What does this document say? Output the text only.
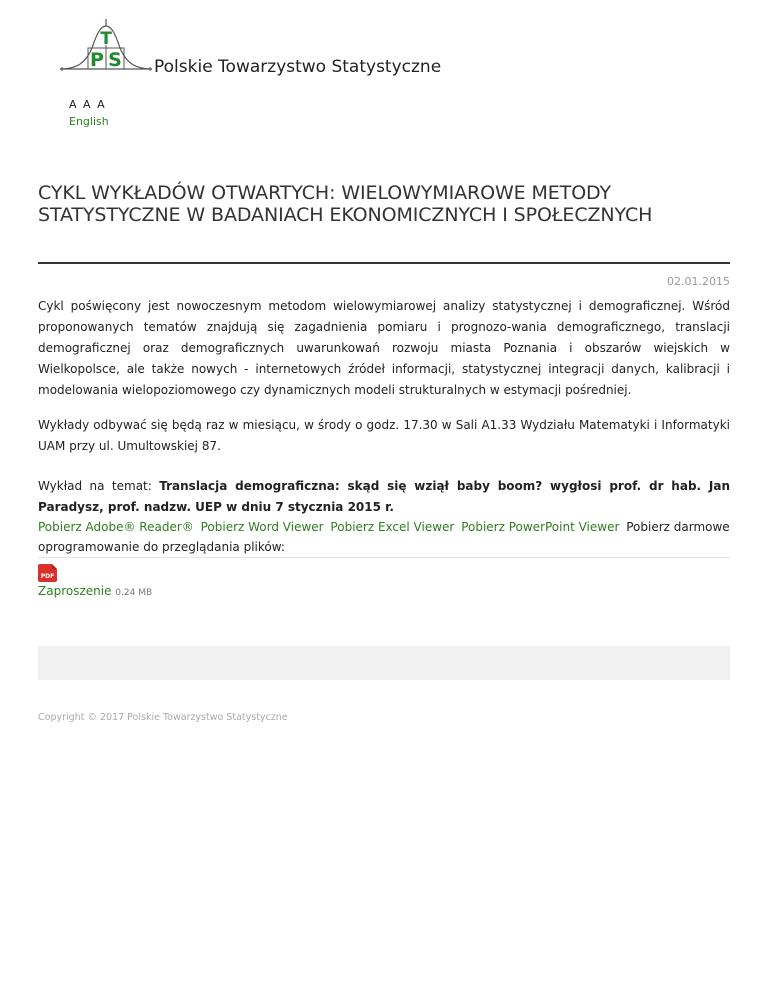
T
P S Polskie Towarzystwo Statystyczne
A A A
English
CYKL WYKŁADÓW OTWARTYCH: WIELOWYMIAROWE METODY STATYSTYCZNE W BADANIACH EKONOMICZNYCH I SPOŁECZNYCH
02.01.2015

Cykl poświęcony jest nowoczesnym metodom wielowymiarowej analizy statystycznej i demograficznej. Wśród proponowanych tematów znajdują się zagadnienia pomiaru i prognozo-wania demograficznego, translacji demograficznej oraz demograficznych uwarunkowań rozwoju miasta Poznania i obszarów wiejskich w Wielkopolsce, ale także nowych - internetowych źródeł informacji, statystycznej integracji danych, kalibracji i modelowania wielopoziomowego czy dynamicznych modeli strukturalnych w estymacji pośredniej.

Wykłady odbywać się będą raz w miesiącu, w środy o godz. 17.30 w Sali A1.33 Wydziału Matematyki i Informatyki UAM przy ul. Umultowskiej 87.

Wykład na temat: Translacja demograficzna: skąd się wziął baby boom? wygłosi prof. dr hab. Jan Paradysz, prof. nadzw. UEP w dniu 7 stycznia 2015 r.

Pobierz Adobe® Reader® Pobierz Word Viewer Pobierz Excel Viewer Pobierz PowerPoint Viewer Pobierz darmowe oprogramowanie do przeglądania plików:
PDF
Zaproszenie 0.24 MB
Copyright © 2017 Polskie Towarzystwo Statystyczne
